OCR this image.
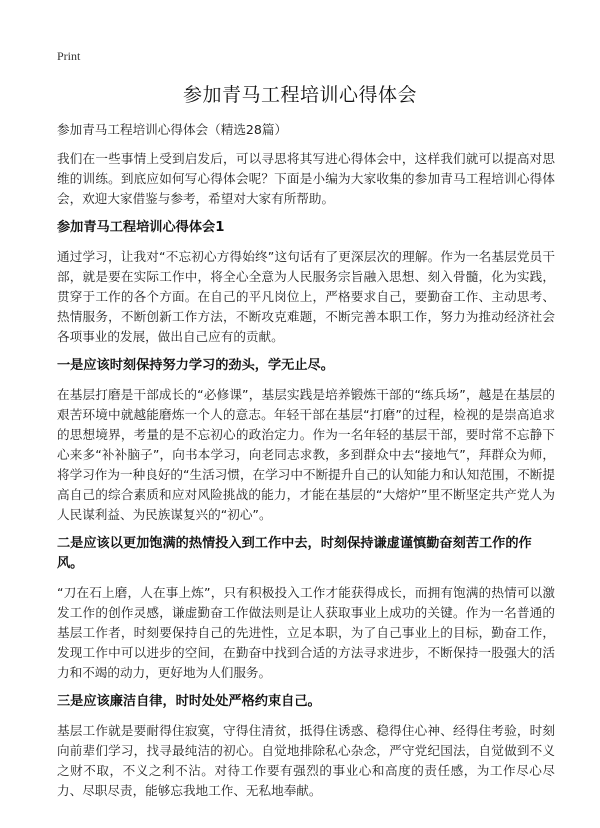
Print
参加青马工程培训心得体会
参加青马工程培训心得体会（精选28篇）

我们在一些事情上受到启发后，可以寻思将其写进心得体会中，这样我们就可以提高对思维的训练。到底应如何写心得体会呢？下面是小编为大家收集的参加青马工程培训心得体会，欢迎大家借鉴与参考，希望对大家有所帮助。

参加青马工程培训心得体会1

通过学习，让我对“不忘初心方得始终”这句话有了更深层次的理解。作为一名基层党员干部，就是要在实际工作中，将全心全意为人民服务宗旨融入思想、刻入骨髓，化为实践，贯穿于工作的各个方面。在自己的平凡岗位上，严格要求自己，要勤奋工作、主动思考、热情服务，不断创新工作方法，不断攻克难题，不断完善本职工作，努力为推动经济社会各项事业的发展，做出自己应有的贡献。

一是应该时刻保持努力学习的劲头，学无止尽。

在基层打磨是干部成长的“必修课”，基层实践是培养锻炼干部的“练兵场”，越是在基层的艰苦环境中就越能磨炼一个人的意志。年轻干部在基层“打磨”的过程，检视的是崇高追求的思想境界，考量的是不忘初心的政治定力。作为一名年轻的基层干部，要时常不忘静下心来多“补补脑子”，向书本学习，向老同志求教，多到群众中去“接地气”，拜群众为师，将学习作为一种良好的“生活习惯，在学习中不断提升自己的认知能力和认知范围，不断提高自己的综合素质和应对风险挑战的能力，才能在基层的“大熔炉”里不断坚定共产党人为人民谋利益、为民族谋复兴的“初心”。

二是应该以更加饱满的热情投入到工作中去，时刻保持谦虚谨慎勤奋刻苦工作的作风。

“刀在石上磨，人在事上炼”，只有积极投入工作才能获得成长，而拥有饱满的热情可以激发工作的创作灵感，谦虚勤奋工作做法则是让人获取事业上成功的关键。作为一名普通的基层工作者，时刻要保持自己的先进性，立足本职，为了自己事业上的目标，勤奋工作，发现工作中可以进步的空间，在勤奋中找到合适的方法寻求进步，不断保持一股强大的活力和不竭的动力，更好地为人们服务。

三是应该廉洁自律，时时处处严格约束自己。

基层工作就是要耐得住寂寞，守得住清贫，抵得住诱惑、稳得住心神、经得住考验，时刻向前辈们学习，找寻最纯洁的初心。自觉地排除私心杂念，严守党纪国法，自觉做到不义之财不取，不义之利不沾。对待工作要有强烈的事业心和高度的责任感，为工作尽心尽力、尽职尽责，能够忘我地工作、无私地奉献。
